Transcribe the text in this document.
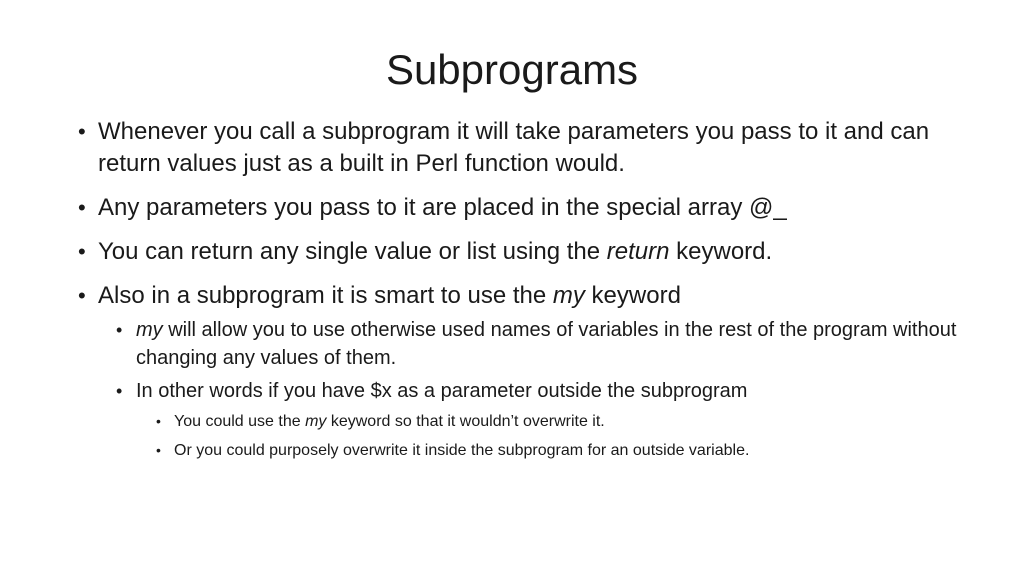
Subprograms

• Whenever you call a subprogram it will take parameters you pass to it and can return values just as a built in Perl function would.

• Any parameters you pass to it are placed in the special array @_

• You can return any single value or list using the return keyword.

• Also in a subprogram it is smart to use the my keyword

• my will allow you to use otherwise used names of variables in the rest of the program without changing any values of them.

• In other words if you have $x as a parameter outside the subprogram

• You could use the my keyword so that it wouldn’t overwrite it.

• Or you could purposely overwrite it inside the subprogram for an outside variable.
